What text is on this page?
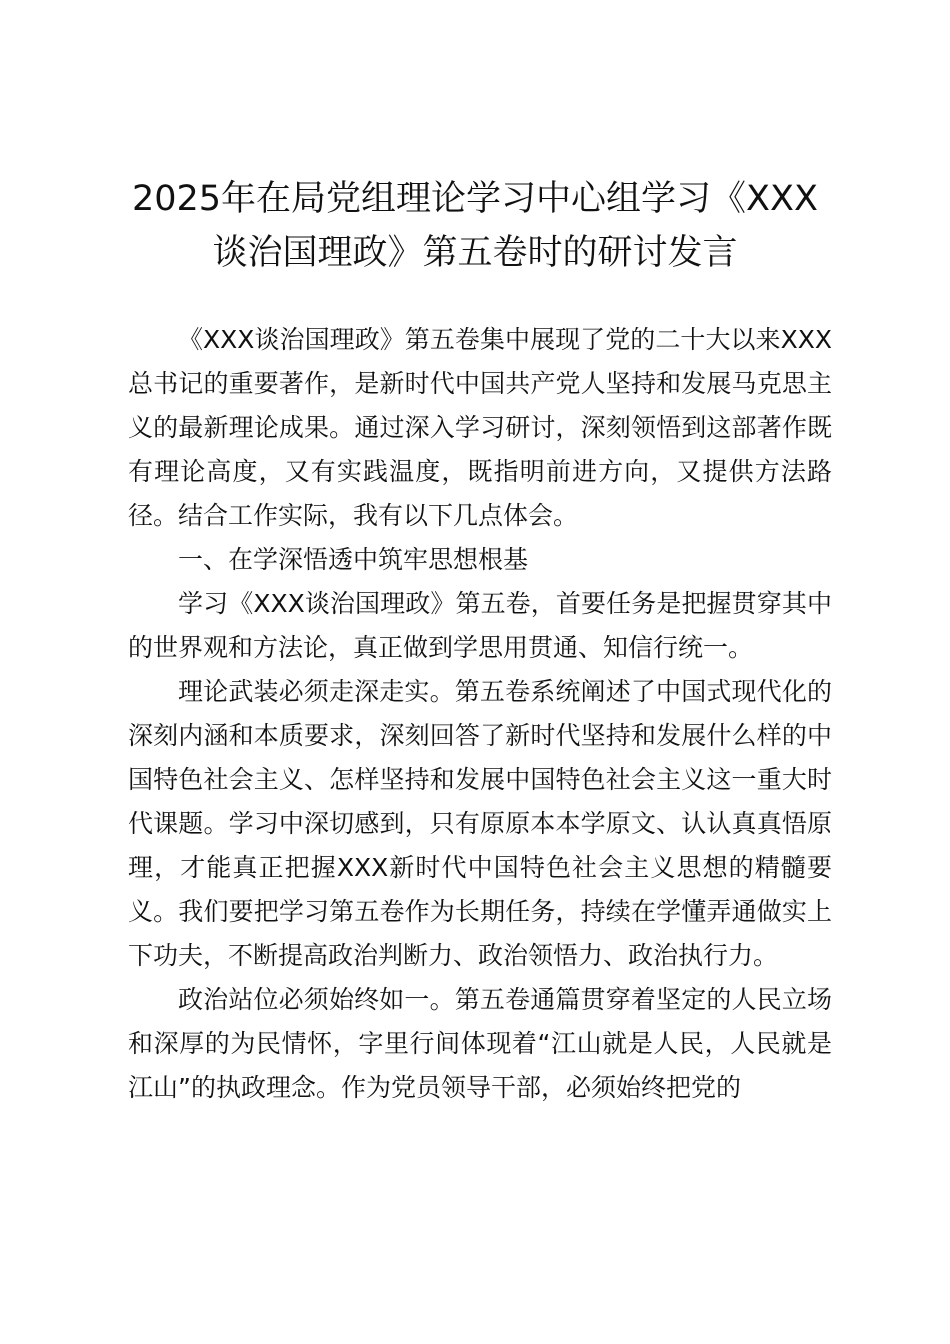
2025年在局党组理论学习中心组学习《XXX
谈治国理政》第五卷时的研讨发言

《XXX谈治国理政》第五卷集中展现了党的二十大以来XXX总书记的重要著作，是新时代中国共产党人坚持和发展马克思主义的最新理论成果。通过深入学习研讨，深刻领悟到这部著作既有理论高度，又有实践温度，既指明前进方向，又提供方法路径。结合工作实际，我有以下几点体会。

一、在学深悟透中筑牢思想根基

学习《XXX谈治国理政》第五卷，首要任务是把握贯穿其中的世界观和方法论，真正做到学思用贯通、知信行统一。

理论武装必须走深走实。第五卷系统阐述了中国式现代化的深刻内涵和本质要求，深刻回答了新时代坚持和发展什么样的中国特色社会主义、怎样坚持和发展中国特色社会主义这一重大时代课题。学习中深切感到，只有原原本本学原文、认认真真悟原理，才能真正把握XXX新时代中国特色社会主义思想的精髓要义。我们要把学习第五卷作为长期任务，持续在学懂弄通做实上下功夫，不断提高政治判断力、政治领悟力、政治执行力。

政治站位必须始终如一。第五卷通篇贯穿着坚定的人民立场和深厚的为民情怀，字里行间体现着“江山就是人民，人民就是江山”的执政理念。作为党员领导干部，必须始终把党的
